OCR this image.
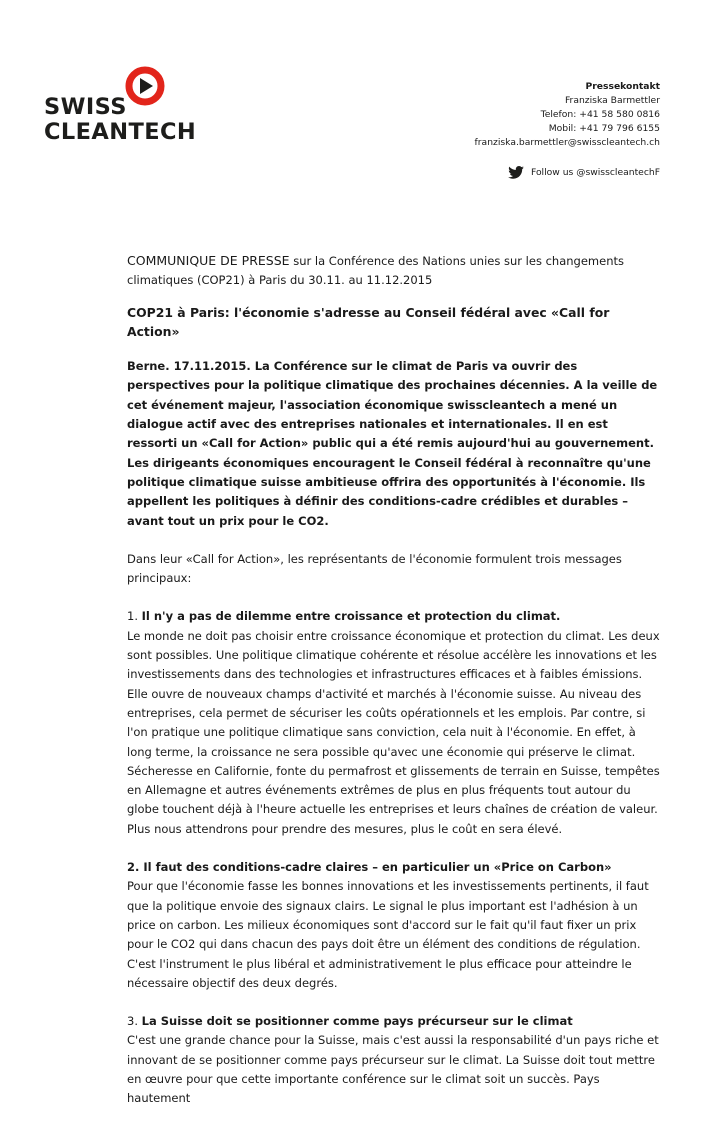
SWISS
CLEANTECH
Pressekontakt
Franziska Barmettler
Telefon: +41 58 580 0816
Mobil: +41 79 796 6155
franziska.barmettler@swisscleantech.ch
Follow us @swisscleantechF

COMMUNIQUE DE PRESSE sur la Conférence des Nations unies sur les changements climatiques (COP21) à Paris du 30.11. au 11.12.2015

COP21 à Paris: l'économie s'adresse au Conseil fédéral avec «Call for Action»

Berne. 17.11.2015. La Conférence sur le climat de Paris va ouvrir des perspectives pour la politique climatique des prochaines décennies. A la veille de cet événement majeur, l'association économique swisscleantech a mené un dialogue actif avec des entreprises nationales et internationales. Il en est ressorti un «Call for Action» public qui a été remis aujourd'hui au gouvernement. Les dirigeants économiques encouragent le Conseil fédéral à reconnaître qu'une politique climatique suisse ambitieuse offrira des opportunités à l'économie. Ils appellent les politiques à définir des conditions-cadre crédibles et durables – avant tout un prix pour le CO2.

Dans leur «Call for Action», les représentants de l'économie formulent trois messages principaux:

1. Il n'y a pas de dilemme entre croissance et protection du climat.

Le monde ne doit pas choisir entre croissance économique et protection du climat. Les deux sont possibles. Une politique climatique cohérente et résolue accélère les innovations et les investissements dans des technologies et infrastructures efficaces et à faibles émissions. Elle ouvre de nouveaux champs d'activité et marchés à l'économie suisse. Au niveau des entreprises, cela permet de sécuriser les coûts opérationnels et les emplois. Par contre, si l'on pratique une politique climatique sans conviction, cela nuit à l'économie. En effet, à long terme, la croissance ne sera possible qu'avec une économie qui préserve le climat. Sécheresse en Californie, fonte du permafrost et glissements de terrain en Suisse, tempêtes en Allemagne et autres événements extrêmes de plus en plus fréquents tout autour du globe touchent déjà à l'heure actuelle les entreprises et leurs chaînes de création de valeur. Plus nous attendrons pour prendre des mesures, plus le coût en sera élevé.

2. Il faut des conditions-cadre claires – en particulier un «Price on Carbon»

Pour que l'économie fasse les bonnes innovations et les investissements pertinents, il faut que la politique envoie des signaux clairs. Le signal le plus important est l'adhésion à un price on carbon. Les milieux économiques sont d'accord sur le fait qu'il faut fixer un prix pour le CO2 qui dans chacun des pays doit être un élément des conditions de régulation. C'est l'instrument le plus libéral et administrativement le plus efficace pour atteindre le nécessaire objectif des deux degrés.

3. La Suisse doit se positionner comme pays précurseur sur le climat

C'est une grande chance pour la Suisse, mais c'est aussi la responsabilité d'un pays riche et innovant de se positionner comme pays précurseur sur le climat. La Suisse doit tout mettre en œuvre pour que cette importante conférence sur le climat soit un succès. Pays hautement
